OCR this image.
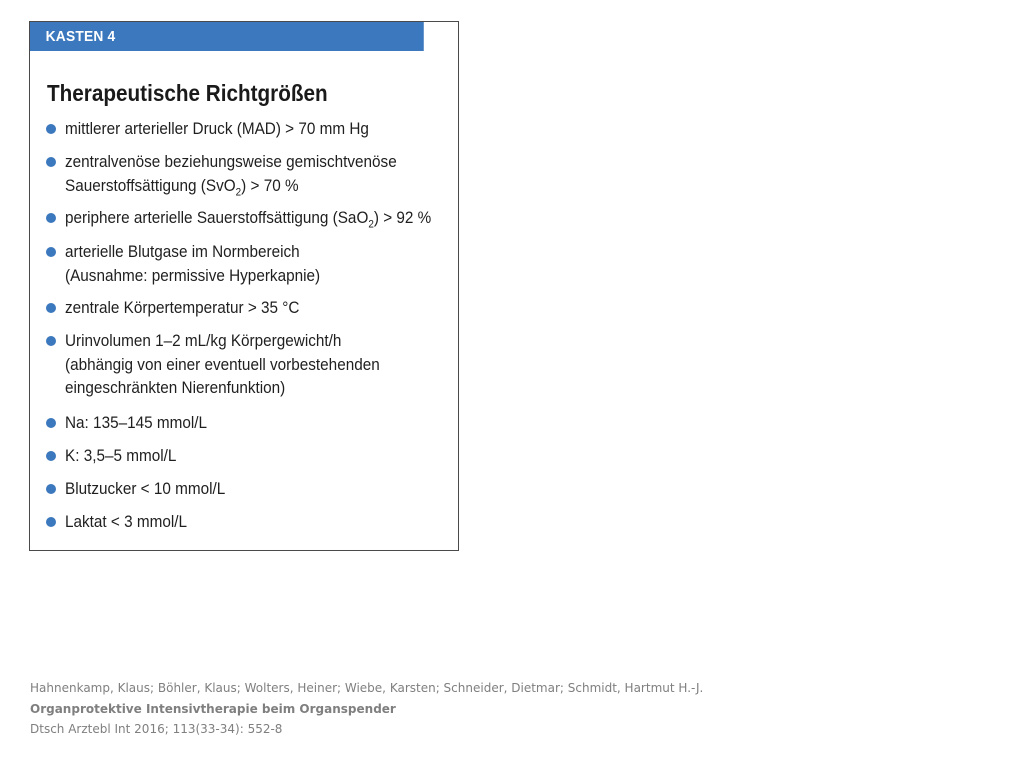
KASTEN 4
Therapeutische Richtgrößen
mittlerer arterieller Druck (MAD) > 70 mm Hg
zentralvenöse beziehungsweise gemischtvenöse
Sauerstoffsättigung (SvO$_2$) > 70 %
periphere arterielle Sauerstoffsättigung (SaO$_2$) > 92 %
arterielle Blutgase im Normbereich
(Ausnahme: permissive Hyperkapnie)
zentrale Körpertemperatur > 35 °C
Urinvolumen 1–2 mL/kg Körpergewicht/h
(abhängig von einer eventuell vorbestehenden
eingeschränkten Nierenfunktion)
Na: 135–145 mmol/L
K: 3,5–5 mmol/L
Blutzucker < 10 mmol/L
Laktat < 3 mmol/L
Hahnenkamp, Klaus; Böhler, Klaus; Wolters, Heiner; Wiebe, Karsten; Schneider, Dietmar; Schmidt, Hartmut H.-J.
Organprotektive Intensivtherapie beim Organspender
Dtsch Arztebl Int 2016; 113(33-34): 552-8
